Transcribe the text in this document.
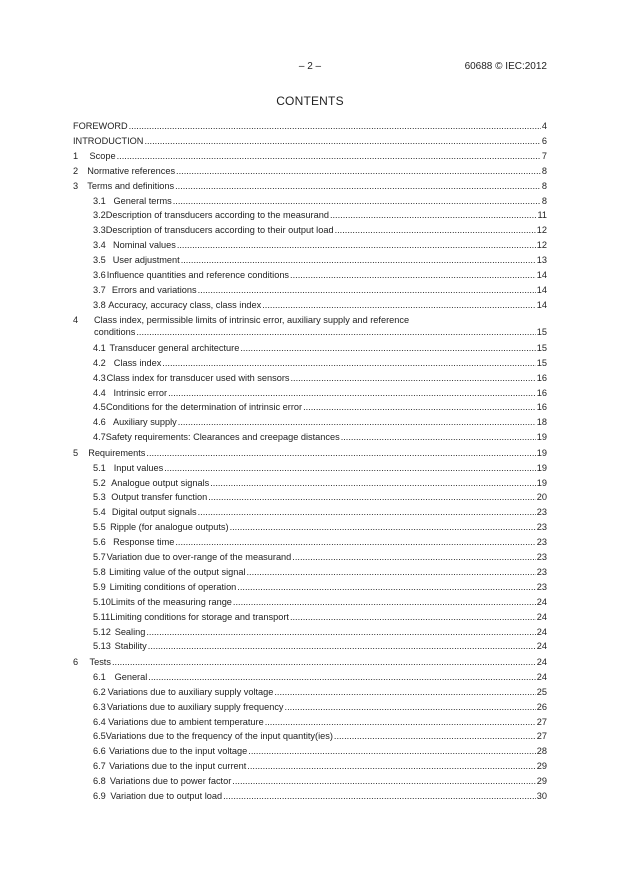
– 2 –	60688 © IEC:2012
CONTENTS
FOREWORD .....	4
INTRODUCTION .....	6
1	Scope .....	7
2 Normative references .....	8
3 Terms and definitions .....	8
3.1 General terms .....	8
3.2 Description of transducers according to the measurand .....	11
3.3 Description of transducers according to their output load .....	12
3.4 Nominal values .....	12
3.5 User adjustment .....	13
3.6 Influence quantities and reference conditions .....	14
3.7 Errors and variations .....	14
3.8 Accuracy, accuracy class, class index .....	14
4	Class index, permissible limits of intrinsic error, auxiliary supply and reference
conditions .....	15
4.1 Transducer general architecture .....	15
4.2 Class index .....	15
4.3 Class index for transducer used with sensors .....	16
4.4 Intrinsic error .....	16
4.5 Conditions for the determination of intrinsic error .....	16
4.6 Auxiliary supply .....	18
4.7 Safety requirements: Clearances and creepage distances .....	19
5	Requirements .....	19
5.1 Input values .....	19
5.2 Analogue output signals .....	19
5.3 Output transfer function .....	20
5.4 Digital output signals .....	23
5.5 Ripple (for analogue outputs) .....	23
5.6 Response time .....	23
5.7 Variation due to over-range of the measurand .....	23
5.8 Limiting value of the output signal .....	23
5.9 Limiting conditions of operation .....	23
5.10 Limits of the measuring range .....	24
5.11 Limiting conditions for storage and transport .....	24
5.12 Sealing .....	24
5.13 Stability .....	24
6	Tests .....	24
6.1 General .....	24
6.2 Variations due to auxiliary supply voltage .....	25
6.3 Variations due to auxiliary supply frequency .....	26
6.4 Variations due to ambient temperature .....	27
6.5 Variations due to the frequency of the input quantity(ies) .....	27
6.6 Variations due to the input voltage .....	28
6.7 Variations due to the input current .....	29
6.8 Variations due to power factor .....	29
6.9 Variation due to output load .....	30
